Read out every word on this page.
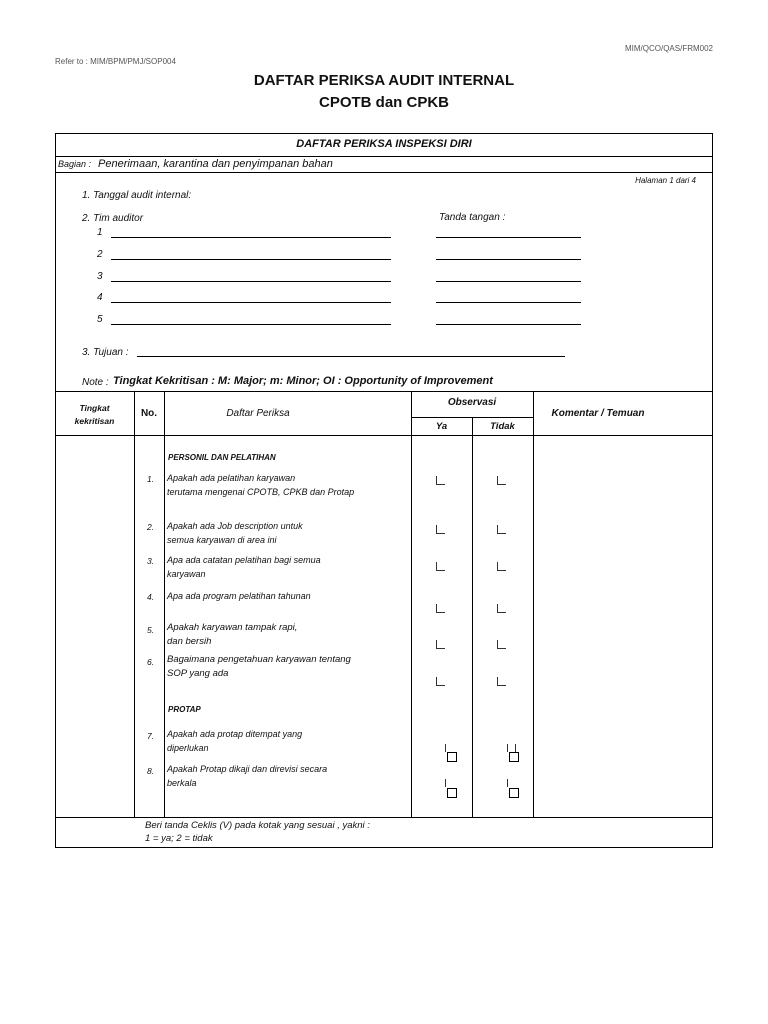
MIM/QCO/QAS/FRM002
Refer to : MIM/BPM/PMJ/SOP004
DAFTAR PERIKSA AUDIT INTERNAL
CPOTB dan CPKB
DAFTAR PERIKSA INSPEKSI DIRI
Bagian : Penerimaan, karantina dan penyimpanan bahan
Halaman 1 dari 4
1. Tanggal audit internal:
2. Tim auditor	Tanda tangan :
1
2
3
4
5
3. Tujuan :
Note : Tingkat Kekritisan : M: Major; m: Minor; OI : Opportunity of Improvement
Tingkat
kekritisan
No.	Daftar Periksa
Observasi
Ya	Tidak
Komentar / Temuan
PERSONIL DAN PELATIHAN
1. Apakah ada pelatihan karyawan
terutama mengenai CPOTB, CPKB dan Protap
2. Apakah ada Job description untuk
semua karyawan di area ini
3. Apa ada catatan pelatihan bagi semua
karyawan
4. Apa ada program pelatihan tahunan
5. Apakah karyawan tampak rapi,
dan bersih
6. Bagaimana pengetahuan karyawan tentang
SOP yang ada
PROTAP
7. Apakah ada protap ditempat yang
diperlukan
8. Apakah Protap dikaji dan direvisi secara
berkala
Beri tanda Ceklis (V) pada kotak yang sesuai , yakni :
1 = ya; 2 = tidak
